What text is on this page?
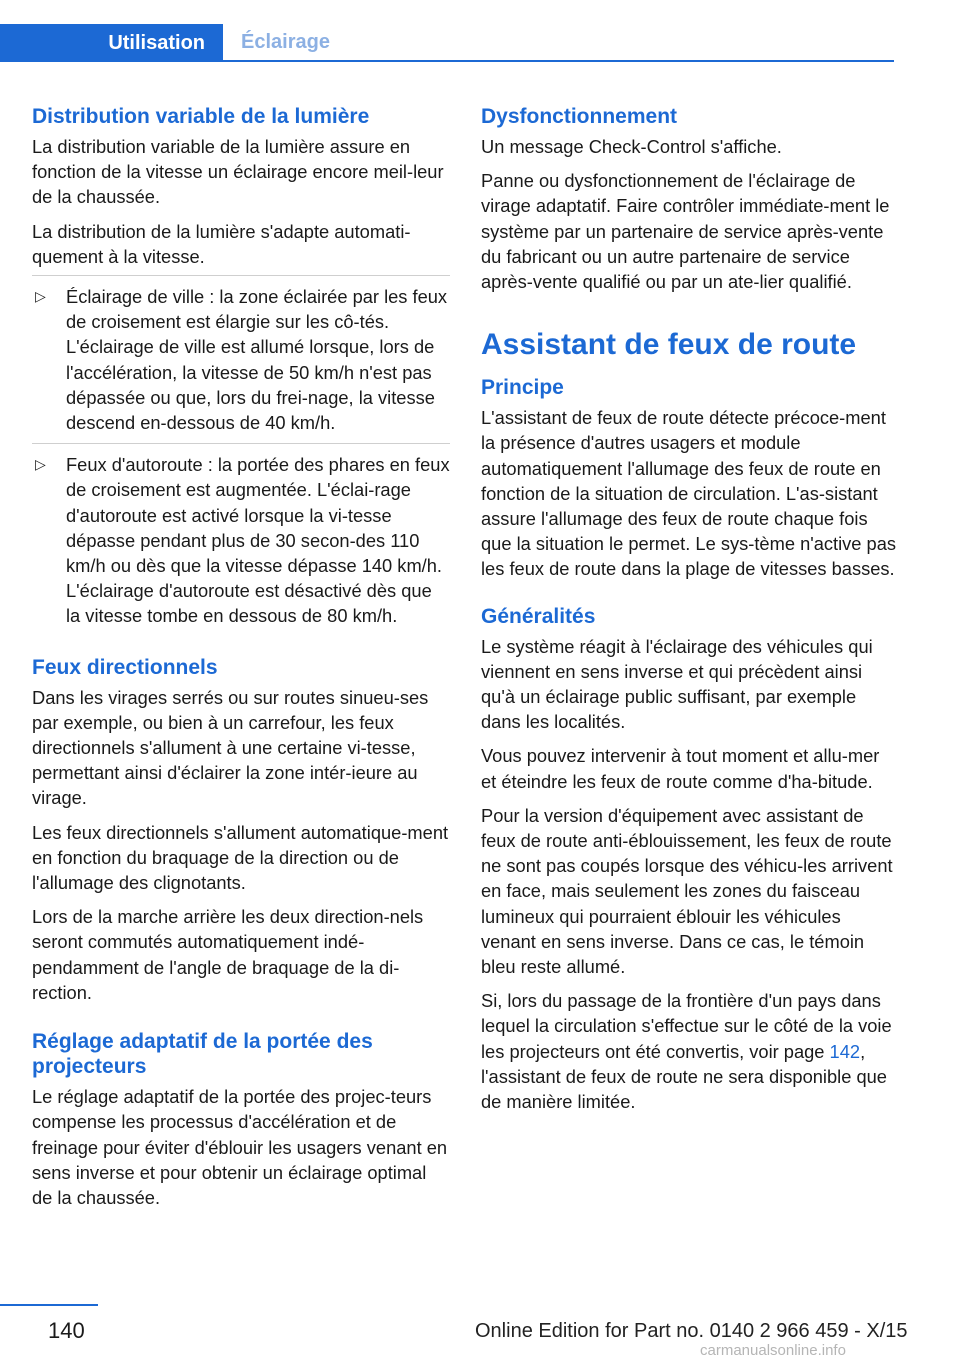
Utilisation	Éclairage
Distribution variable de la lumière

La distribution variable de la lumière assure en fonction de la vitesse un éclairage encore meil‐leur de la chaussée.

La distribution de la lumière s'adapte automati‐quement à la vitesse.

▷ Éclairage de ville : la zone éclairée par les feux de croisement est élargie sur les cô‐tés. L'éclairage de ville est allumé lorsque, lors de l'accélération, la vitesse de 50 km/h n'est pas dépassée ou que, lors du frei‐nage, la vitesse descend en-dessous de 40 km/h.
▷ Feux d'autoroute : la portée des phares en feux de croisement est augmentée. L'éclai‐rage d'autoroute est activé lorsque la vi‐tesse dépasse pendant plus de 30 secon‐des 110 km/h ou dès que la vitesse dépasse 140 km/h. L'éclairage d'autoroute est désactivé dès que la vitesse tombe en dessous de 80 km/h.
Feux directionnels

Dans les virages serrés ou sur routes sinueu‐ses par exemple, ou bien à un carrefour, les feux directionnels s'allument à une certaine vi‐tesse, permettant ainsi d'éclairer la zone intér‐ieure au virage.

Les feux directionnels s'allument automatique‐ment en fonction du braquage de la direction ou de l'allumage des clignotants.

Lors de la marche arrière les deux direction‐nels seront commutés automatiquement indé‐pendamment de l'angle de braquage de la di‐rection.

Réglage adaptatif de la portée des projecteurs

Le réglage adaptatif de la portée des projec‐teurs compense les processus d'accélération et de freinage pour éviter d'éblouir les usagers venant en sens inverse et pour obtenir un éclairage optimal de la chaussée.

Dysfonctionnement

Un message Check-Control s'affiche.

Panne ou dysfonctionnement de l'éclairage de virage adaptatif. Faire contrôler immédiate‐ment le système par un partenaire de service après-vente du fabricant ou un autre partenaire de service après-vente qualifié ou par un ate‐lier qualifié.

Assistant de feux de route
Principe

L'assistant de feux de route détecte précoce‐ment la présence d'autres usagers et module automatiquement l'allumage des feux de route en fonction de la situation de circulation. L'as‐sistant assure l'allumage des feux de route chaque fois que la situation le permet. Le sys‐tème n'active pas les feux de route dans la plage de vitesses basses.

Généralités

Le système réagit à l'éclairage des véhicules qui viennent en sens inverse et qui précèdent ainsi qu'à un éclairage public suffisant, par exemple dans les localités.

Vous pouvez intervenir à tout moment et allu‐mer et éteindre les feux de route comme d'ha‐bitude.

Pour la version d'équipement avec assistant de feux de route anti-éblouissement, les feux de route ne sont pas coupés lorsque des véhicu‐les arrivent en face, mais seulement les zones du faisceau lumineux qui pourraient éblouir les véhicules venant en sens inverse. Dans ce cas, le témoin bleu reste allumé.

Si, lors du passage de la frontière d'un pays dans lequel la circulation s'effectue sur le côté de la voie les projecteurs ont été convertis, voir page 142, l'assistant de feux de route ne sera disponible que de manière limitée.

140	Online Edition for Part no. 0140 2 966 459 - X/15
carmanualsonline.info
